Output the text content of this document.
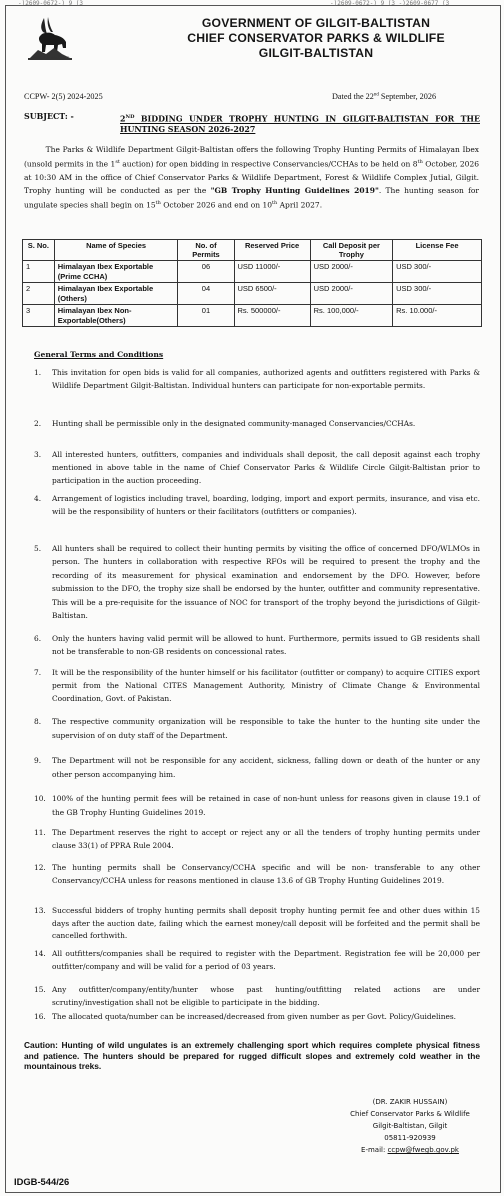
-)2609-0672-) 9 (3	-)2609-0672-) 9 (3 -)2609-0677 (3
PARKS & WILDLIFE
GOVERNMENT OF GILGIT-BALTISTAN
CHIEF CONSERVATOR PARKS & WILDLIFE
GILGIT-BALTISTAN
CCPW- 2(5) 2024-2025	Dated the 22nd September, 2026
SUBJECT: -	2ND BIDDING UNDER TROPHY HUNTING IN GILGIT-BALTISTAN FOR THE HUNTING SEASON 2026-2027
The Parks & Wildlife Department Gilgit-Baltistan offers the following Trophy Hunting Permits of Himalayan Ibex (unsold permits in the 1st auction) for open bidding in respective Conservancies/CCHAs to be held on 8th October, 2026 at 10:30 AM in the office of Chief Conservator Parks & Wildlife Department, Forest & Wildlife Complex Jutial, Gilgit. Trophy hunting will be conducted as per the "GB Trophy Hunting Guidelines 2019". The hunting season for ungulate species shall begin on 15th October 2026 and end on 10th April 2027.
S. No.	Name of Species	No. of Permits	Reserved Price	Call Deposit per Trophy	License Fee
1	Himalayan Ibex Exportable (Prime CCHA)	06	USD 11000/-	USD 2000/-	USD 300/-
2	Himalayan Ibex Exportable (Others)	04	USD 6500/-	USD 2000/-	USD 300/-
3	Himalayan Ibex Non-Exportable(Others)	01	Rs. 500000/-	Rs. 100,000/-	Rs. 10.000/-
General Terms and Conditions
1. This invitation for open bids is valid for all companies, authorized agents and outfitters registered with Parks & Wildlife Department Gilgit-Baltistan. Individual hunters can participate for non-exportable permits.
2. Hunting shall be permissible only in the designated community-managed Conservancies/CCHAs.
3. All interested hunters, outfitters, companies and individuals shall deposit, the call deposit against each trophy mentioned in above table in the name of Chief Conservator Parks & Wildlife Circle Gilgit-Baltistan prior to participation in the auction proceeding.
4. Arrangement of logistics including travel, boarding, lodging, import and export permits, insurance, and visa etc. will be the responsibility of hunters or their facilitators (outfitters or companies).
5. All hunters shall be required to collect their hunting permits by visiting the office of concerned DFO/WLMOs in person. The hunters in collaboration with respective RFOs will be required to present the trophy and the recording of its measurement for physical examination and endorsement by the DFO. However, before submission to the DFO, the trophy size shall be endorsed by the hunter, outfitter and community representative. This will be a pre-requisite for the issuance of NOC for transport of the trophy beyond the jurisdictions of Gilgit-Baltistan.
6. Only the hunters having valid permit will be allowed to hunt. Furthermore, permits issued to GB residents shall not be transferable to non-GB residents on concessional rates.
7. It will be the responsibility of the hunter himself or his facilitator (outfitter or company) to acquire CITIES export permit from the National CITES Management Authority, Ministry of Climate Change & Environmental Coordination, Govt. of Pakistan.
8. The respective community organization will be responsible to take the hunter to the hunting site under the supervision of on duty staff of the Department.
9. The Department will not be responsible for any accident, sickness, falling down or death of the hunter or any other person accompanying him.
10. 100% of the hunting permit fees will be retained in case of non-hunt unless for reasons given in clause 19.1 of the GB Trophy Hunting Guidelines 2019.
11. The Department reserves the right to accept or reject any or all the tenders of trophy hunting permits under clause 33(1) of PPRA Rule 2004.
12. The hunting permits shall be Conservancy/CCHA specific and will be non- transferable to any other Conservancy/CCHA unless for reasons mentioned in clause 13.6 of GB Trophy Hunting Guidelines 2019.
13. Successful bidders of trophy hunting permits shall deposit trophy hunting permit fee and other dues within 15 days after the auction date, failing which the earnest money/call deposit will be forfeited and the permit shall be cancelled forthwith.
14. All outfitters/companies shall be required to register with the Department. Registration fee will be 20,000 per outfitter/company and will be valid for a period of 03 years.
15. Any outfitter/company/entity/hunter whose past hunting/outfitting related actions are under scrutiny/investigation shall not be eligible to participate in the bidding.
16. The allocated quota/number can be increased/decreased from given number as per Govt. Policy/Guidelines.
Caution: Hunting of wild ungulates is an extremely challenging sport which requires complete physical fitness and patience. The hunters should be prepared for rugged difficult slopes and extremely cold weather in the mountainous treks.
(DR. ZAKIR HUSSAIN)
Chief Conservator Parks & Wildlife
Gilgit-Baltistan, Gilgit
05811-920939
E-mail: ccpw@fwegb.gov.pk
IDGB-544/26
